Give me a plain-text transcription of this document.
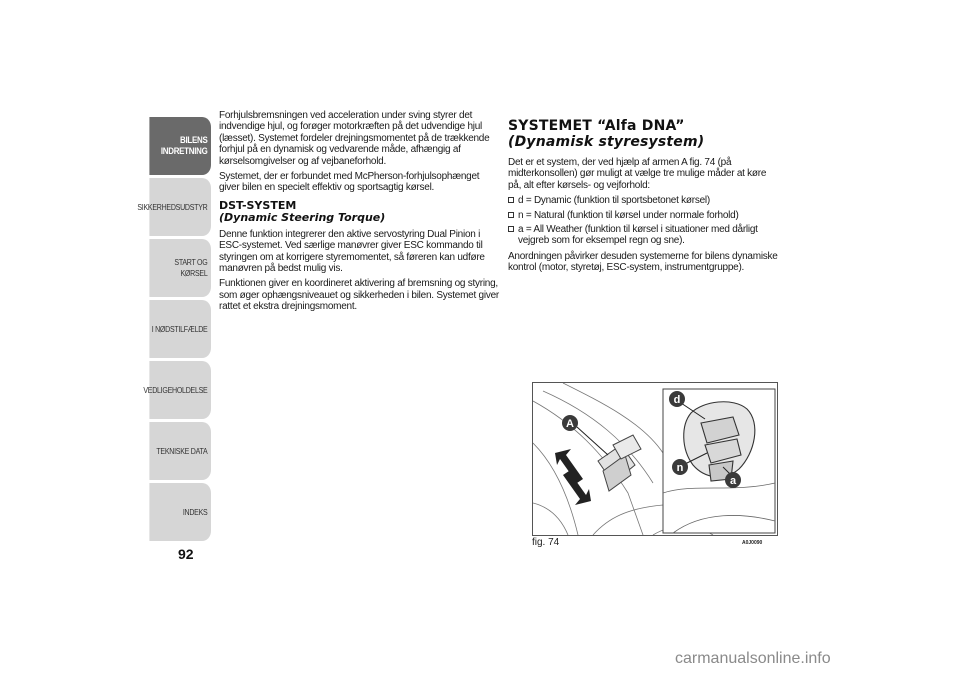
BILENS
INDRETNING
SIKKERHEDSUDSTYR
START OG KØRSEL
I NØDSTILFÆLDE
VEDLIGEHOLDELSE
TEKNISKE DATA
INDEKS
92

Forhjulsbremsningen ved acceleration under sving styrer det indvendige hjul, og forøger motorkræften på det udvendige hjul (læsset). Systemet fordeler drejningsmomentet på de trækkende forhjul på en dynamisk og vedvarende måde, afhængig af kørselsomgivelser og af vejbaneforhold.

Systemet, der er forbundet med McPherson-forhjulsophænget giver bilen en specielt effektiv og sportsagtig kørsel.

DST-SYSTEM
(Dynamic Steering Torque)

Denne funktion integrerer den aktive servostyring Dual Pinion i ESC-systemet. Ved særlige manøvrer giver ESC kommando til styringen om at korrigere styremomentet, så føreren kan udføre manøvren på bedst mulig vis.

Funktionen giver en koordineret aktivering af bremsning og styring, som øger ophængsniveauet og sikkerheden i bilen. Systemet giver rattet et ekstra drejningsmoment.

SYSTEMET “Alfa DNA”
(Dynamisk styresystem)

Det er et system, der ved hjælp af armen A fig. 74 (på midterkonsollen) gør muligt at vælge tre mulige måder at køre på, alt efter kørsels- og vejforhold:

d = Dynamic (funktion til sportsbetonet kørsel)
n = Natural (funktion til kørsel under normale forhold)
a = All Weather (funktion til kørsel i situationer med dårligt vejgreb som for eksempel regn og sne).

Anordningen påvirker desuden systemerne for bilens dynamiske kontrol (motor, styretøj, ESC-system, instrumentgruppe).

A
d
n
a
fig. 74	A0J0090
carmanualsonline.info
